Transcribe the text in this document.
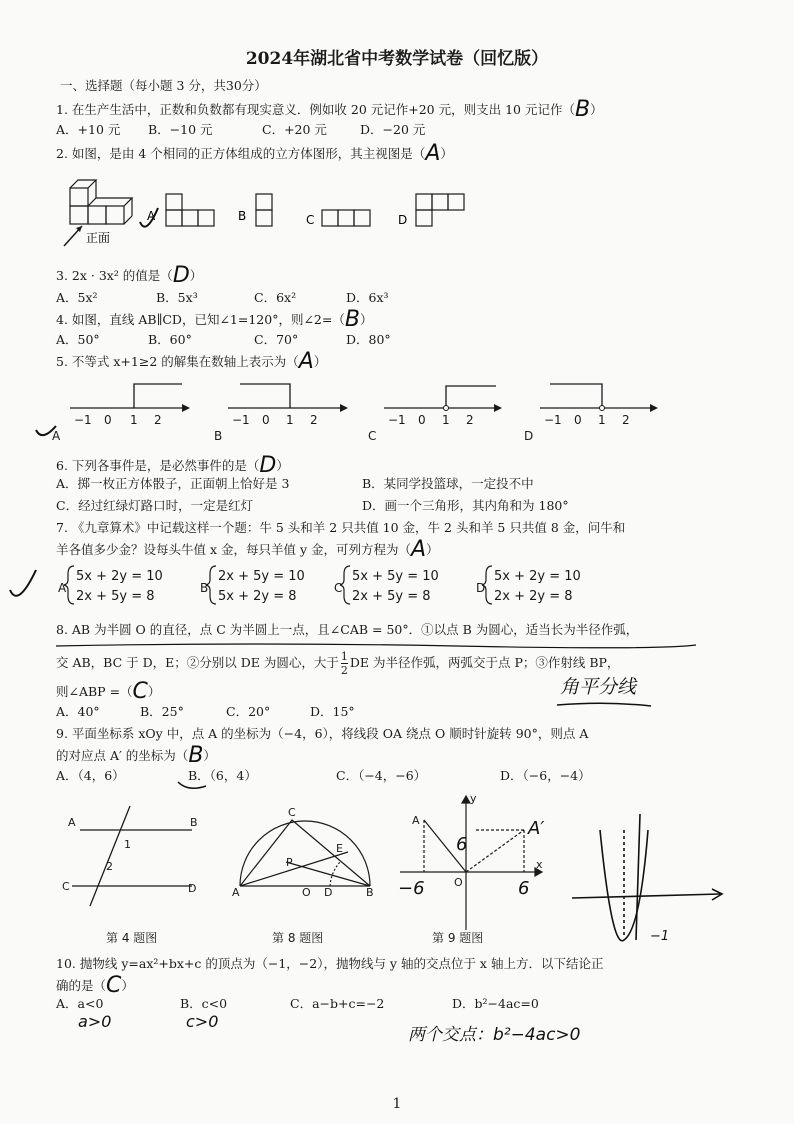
2024年湖北省中考数学试卷（回忆版）
一、选择题（每小题 3 分，共30分）
1. 在生产生活中，正数和负数都有现实意义．例如收 20 元记作+20 元，则支出 10 元记作（B）
A．+10 元 B．−10 元	C．+20 元	D．−20 元
2. 如图，是由 4 个相同的正方体组成的立方体图形，其主视图是（A）
正面
A	B	C	D
3. 2x · 3x² 的值是（D）
A．5x²	B．5x³	C．6x²	D．6x³
4. 如图，直线 AB∥CD，已知∠1=120°，则∠2=（B）
A．50°	B．60°	C．70°	D．80°
5. 不等式 x+1≥2 的解集在数轴上表示为（A）
−1 0 1 2
A
−1 0 1 2
B
−1 0 1 2
C
−1 0 1 2
D
6. 下列各事件是，是必然事件的是（D）
A．掷一枚正方体骰子，正面朝上恰好是 3	B．某同学投篮球，一定投不中
C．经过红绿灯路口时，一定是红灯	D．画一个三角形，其内角和为 180°
7. 《九章算术》中记载这样一个题：牛 5 头和羊 2 只共值 10 金，牛 2 头和羊 5 只共值 8 金，问牛和
羊各值多少金？设每头牛值 x 金，每只羊值 y 金，可列方程为（A）
A
5x + 2y = 10
2x + 5y = 8
B
2x + 5y = 10
5x + 2y = 8
C
5x + 5y = 10
2x + 5y = 8
D
5x + 2y = 10
2x + 2y = 8
8. AB 为半圆 O 的直径，点 C 为半圆上一点，且∠CAB = 50°．①以点 B 为圆心，适当长为半径作弧，
交 AB，BC 于 D，E；②分别以 DE 为圆心，大于 $\frac{1}{2}$ DE 为半径作弧，两弧交于点 P；③作射线 BP，
则∠ABP =（C）	角平分线
A．40°	B．25°	C．20°	D．15°
9. 平面坐标系 xOy 中，点 A 的坐标为（−4，6），将线段 OA 绕点 O 顺时针旋转 90°，则点 A
的对应点 A′ 的坐标为（B）
A．（4，6）	B．（6，4）	C．（−4，−6）	D．（−6，−4）
A	B
C	D
1
2
第 4 题图
C
E
P
A	O D	B
第 8 题图
A
y
x
O
A′
6
−6	6
第 9 题图	−1
10. 抛物线 y=ax²+bx+c 的顶点为（−1，−2），抛物线与 y 轴的交点位于 x 轴上方．以下结论正
确的是（C）
A．a<0	B．c<0	C．a−b+c=−2	D．b²−4ac=0
a>0	c>0
两个交点：b²−4ac>0
1
